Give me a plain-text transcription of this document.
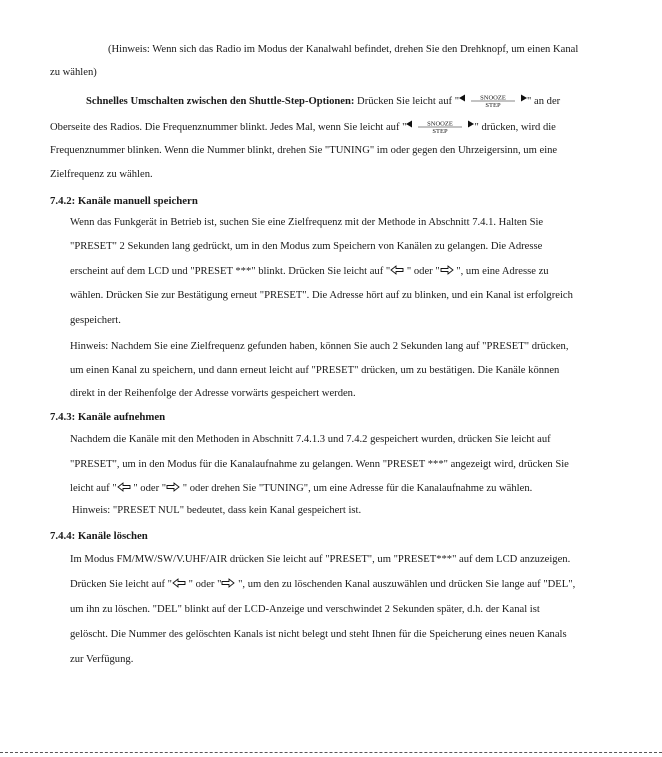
(Hinweis: Wenn sich das Radio im Modus der Kanalwahl befindet, drehen Sie den Drehknopf, um einen Kanal
zu wählen)
Schnelles Umschalten zwischen den Shuttle-Step-Optionen: Drücken Sie leicht auf "	SNOOZE
STEP " an der
Oberseite des Radios. Die Frequenznummer blinkt. Jedes Mal, wenn Sie leicht auf "	SNOOZE
STEP " drücken, wird die
Frequenznummer blinken. Wenn die Nummer blinkt, drehen Sie "TUNING" im oder gegen den Uhrzeigersinn, um eine
Zielfrequenz zu wählen.
7.4.2: Kanäle manuell speichern
Wenn das Funkgerät in Betrieb ist, suchen Sie eine Zielfrequenz mit der Methode in Abschnitt 7.4.1. Halten Sie
"PRESET" 2 Sekunden lang gedrückt, um in den Modus zum Speichern von Kanälen zu gelangen. Die Adresse
erscheint auf dem LCD und "PRESET ***" blinkt. Drücken Sie leicht auf " " oder " ", um eine Adresse zu
wählen. Drücken Sie zur Bestätigung erneut "PRESET". Die Adresse hört auf zu blinken, und ein Kanal ist erfolgreich
gespeichert.
Hinweis: Nachdem Sie eine Zielfrequenz gefunden haben, können Sie auch 2 Sekunden lang auf "PRESET" drücken,
um einen Kanal zu speichern, und dann erneut leicht auf "PRESET" drücken, um zu bestätigen. Die Kanäle können
direkt in der Reihenfolge der Adresse vorwärts gespeichert werden.
7.4.3: Kanäle aufnehmen
Nachdem die Kanäle mit den Methoden in Abschnitt 7.4.1.3 und 7.4.2 gespeichert wurden, drücken Sie leicht auf
"PRESET", um in den Modus für die Kanalaufnahme zu gelangen. Wenn "PRESET ***" angezeigt wird, drücken Sie
leicht auf " " oder " " oder drehen Sie "TUNING", um eine Adresse für die Kanalaufnahme zu wählen.
Hinweis: "PRESET NUL" bedeutet, dass kein Kanal gespeichert ist.
7.4.4: Kanäle löschen
Im Modus FM/MW/SW/V.UHF/AIR drücken Sie leicht auf "PRESET", um "PRESET***" auf dem LCD anzuzeigen.
Drücken Sie leicht auf " " oder " ", um den zu löschenden Kanal auszuwählen und drücken Sie lange auf "DEL",
um ihn zu löschen. "DEL" blinkt auf der LCD-Anzeige und verschwindet 2 Sekunden später, d.h. der Kanal ist
gelöscht. Die Nummer des gelöschten Kanals ist nicht belegt und steht Ihnen für die Speicherung eines neuen Kanals
zur Verfügung.
